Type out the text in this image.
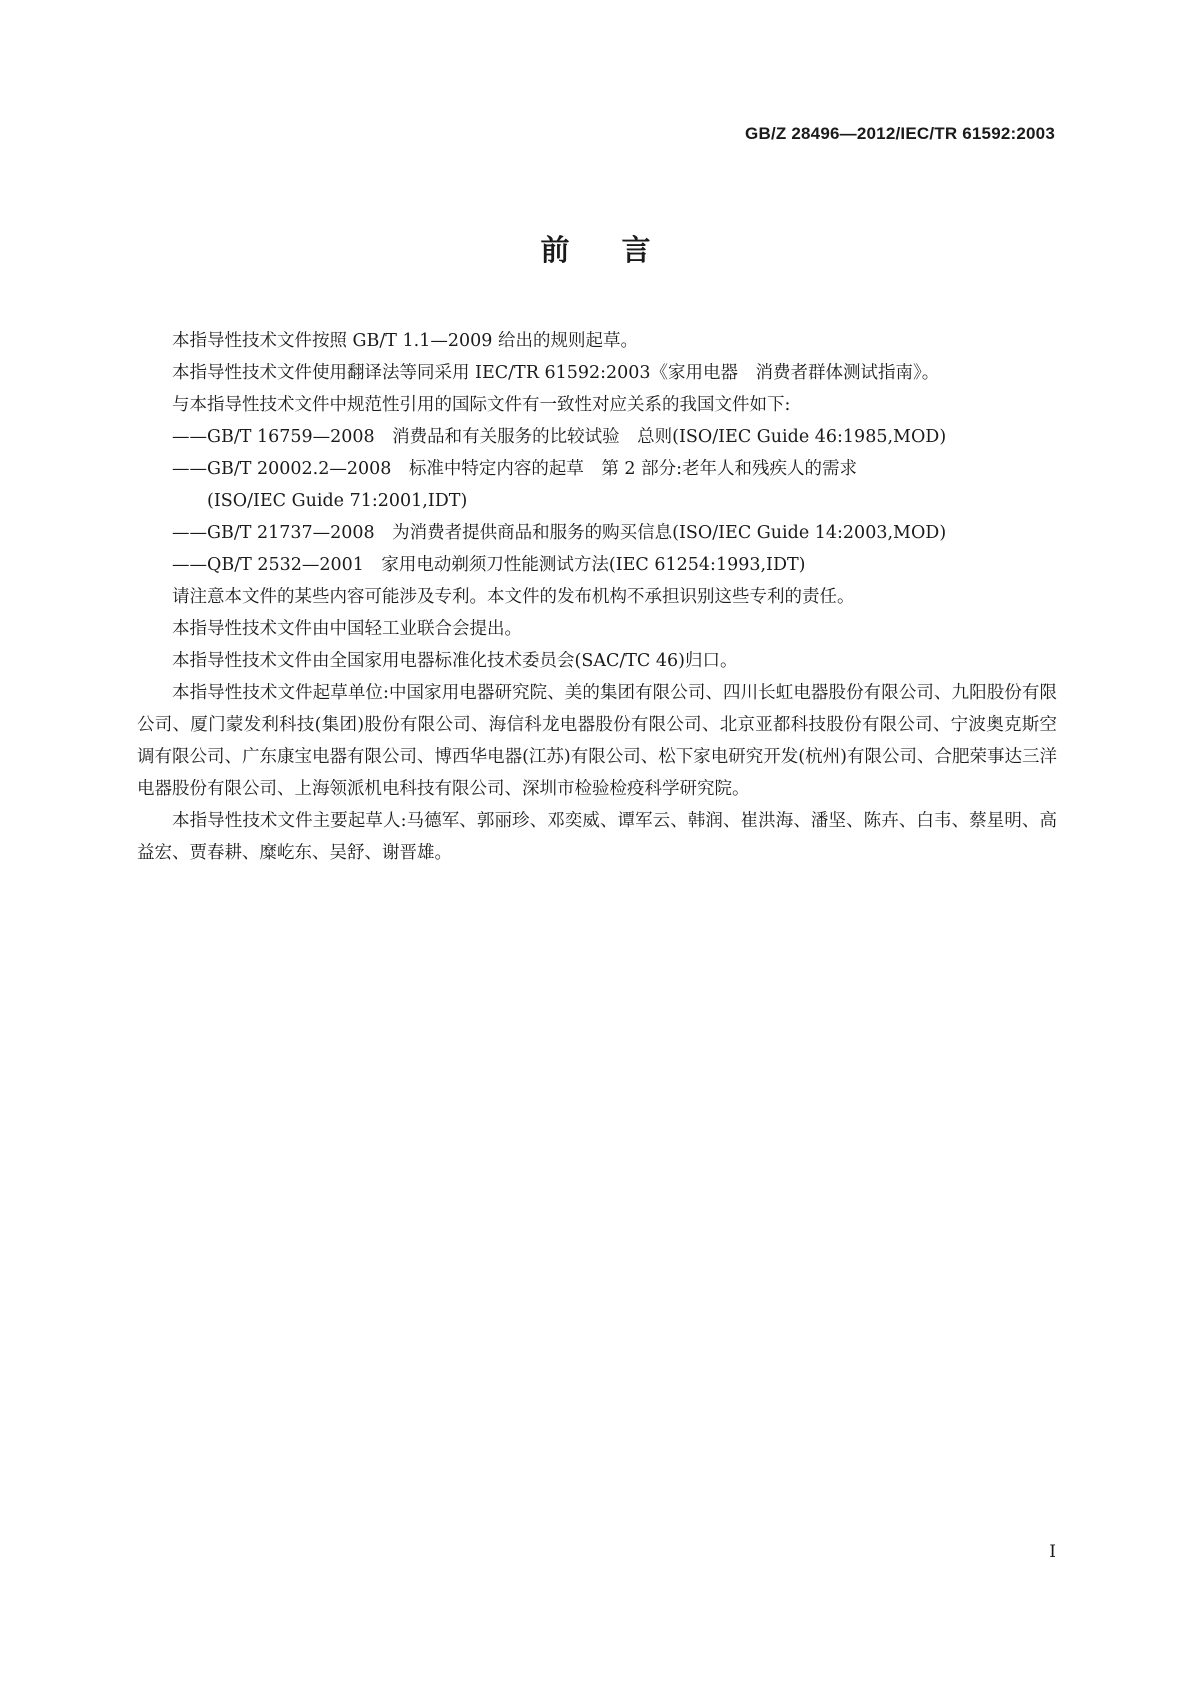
GB/Z 28496—2012/IEC/TR 61592:2003
前言

本指导性技术文件按照 GB/T 1.1—2009 给出的规则起草。

本指导性技术文件使用翻译法等同采用 IEC/TR 61592:2003《家用电器　消费者群体测试指南》。

与本指导性技术文件中规范性引用的国际文件有一致性对应关系的我国文件如下:

——GB/T 16759—2008　消费品和有关服务的比较试验　总则(ISO/IEC Guide 46:1985,MOD)

——GB/T 20002.2—2008　标准中特定内容的起草　第 2 部分:老年人和残疾人的需求
(ISO/IEC Guide 71:2001,IDT)

——GB/T 21737—2008　为消费者提供商品和服务的购买信息(ISO/IEC Guide 14:2003,MOD)

——QB/T 2532—2001　家用电动剃须刀性能测试方法(IEC 61254:1993,IDT)

请注意本文件的某些内容可能涉及专利。本文件的发布机构不承担识别这些专利的责任。

本指导性技术文件由中国轻工业联合会提出。

本指导性技术文件由全国家用电器标准化技术委员会(SAC/TC 46)归口。

本指导性技术文件起草单位:中国家用电器研究院、美的集团有限公司、四川长虹电器股份有限公司、九阳股份有限公司、厦门蒙发利科技(集团)股份有限公司、海信科龙电器股份有限公司、北京亚都科技股份有限公司、宁波奥克斯空调有限公司、广东康宝电器有限公司、博西华电器(江苏)有限公司、松下家电研究开发(杭州)有限公司、合肥荣事达三洋电器股份有限公司、上海领派机电科技有限公司、深圳市检验检疫科学研究院。

本指导性技术文件主要起草人:马德军、郭丽珍、邓奕威、谭军云、韩润、崔洪海、潘坚、陈卉、白韦、蔡星明、高益宏、贾春耕、糜屹东、吴舒、谢晋雄。

I
